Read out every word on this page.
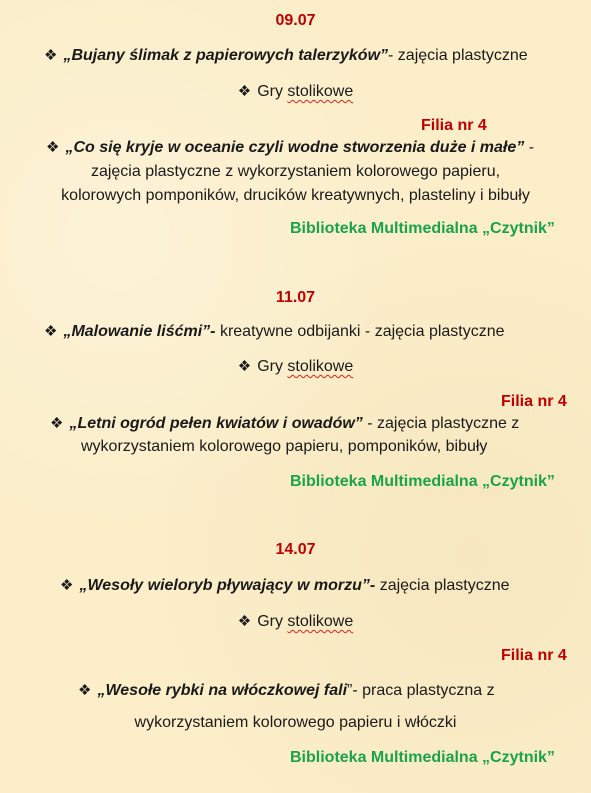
09.07
❖ „Bujany ślimak z papierowych talerzyków”- zajęcia plastyczne
❖ Gry stolikowe
Filia nr 4
❖ „Co się kryje w oceanie czyli wodne stworzenia duże i małe” -
zajęcia plastyczne z wykorzystaniem kolorowego papieru,
kolorowych pomponików, drucików kreatywnych, plasteliny i bibuły
Biblioteka Multimedialna „Czytnik”
11.07
❖ „Malowanie liśćmi”- kreatywne odbijanki - zajęcia plastyczne
❖ Gry stolikowe
Filia nr 4
❖ „Letni ogród pełen kwiatów i owadów” - zajęcia plastyczne z
wykorzystaniem kolorowego papieru, pomponików, bibuły
Biblioteka Multimedialna „Czytnik”
14.07
❖ „Wesoły wieloryb pływający w morzu”- zajęcia plastyczne
❖ Gry stolikowe
Filia nr 4
❖ „Wesołe rybki na włóczkowej fali”- praca plastyczna z
wykorzystaniem kolorowego papieru i włóczki
Biblioteka Multimedialna „Czytnik”
